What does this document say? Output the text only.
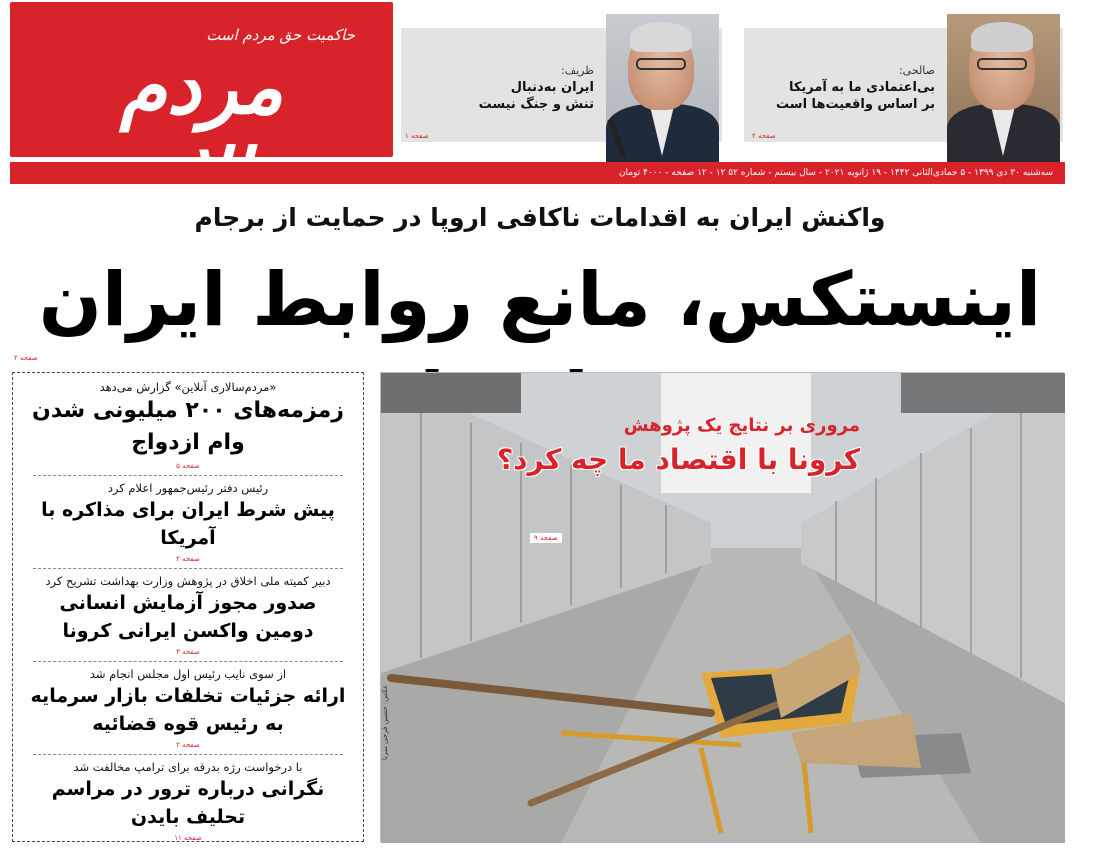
حاکمیت حق مردم است
مردم	ظریف:
ایران به‌دنبال
تنش و جنگ نیست
صفحه ۱
صالحی:
بی‌اعتمادی ما به آمریکا
بر اساس واقعیت‌ها است
صفحه ۲
سه‌شنبه ۳۰ دی ۱۳۹۹ - ۵ جمادی‌الثانی ۱۴۴۲ - ۱۹ ژانویه ۲۰۲۱ - سال بیستم - شماره ۵۲ ۱۲ - ۱۲ صفحه - ۴۰۰۰ تومان
واکنش ایران به اقدامات ناکافی اروپا در حمایت از برجام
اینستکس، مانع روابط ایران
صفحه ۲
«مردم‌سالاری آنلاین» گزارش می‌دهد
زمزمه‌های ۲۰۰ میلیونی شدن
وام ازدواج
صفحه ۵
رئیس دفتر رئیس‌جمهور اعلام کرد
پیش شرط ایران برای مذاکره با آمریکا
صفحه ۲
دبیر کمیته ملی اخلاق در پژوهش وزارت بهداشت تشریح کرد
صدور مجوز آزمایش انسانی
دومین واکسن ایرانی کرونا
صفحه ۳
از سوی نایب رئیس اول مجلس انجام شد
ارائه جزئیات تخلفات بازار سرمایه
به رئیس قوه قضائیه
صفحه ۲
با درخواست رژه بدرقه برای ترامپ مخالفت شد
نگرانی درباره ترور در مراسم تحلیف بایدن
صفحه ۱۱
مروری بر نتایج یک پژوهش
کرونا با اقتصاد ما چه کرد؟
صفحه ۹
عکس: حسین فرجی سرنا
